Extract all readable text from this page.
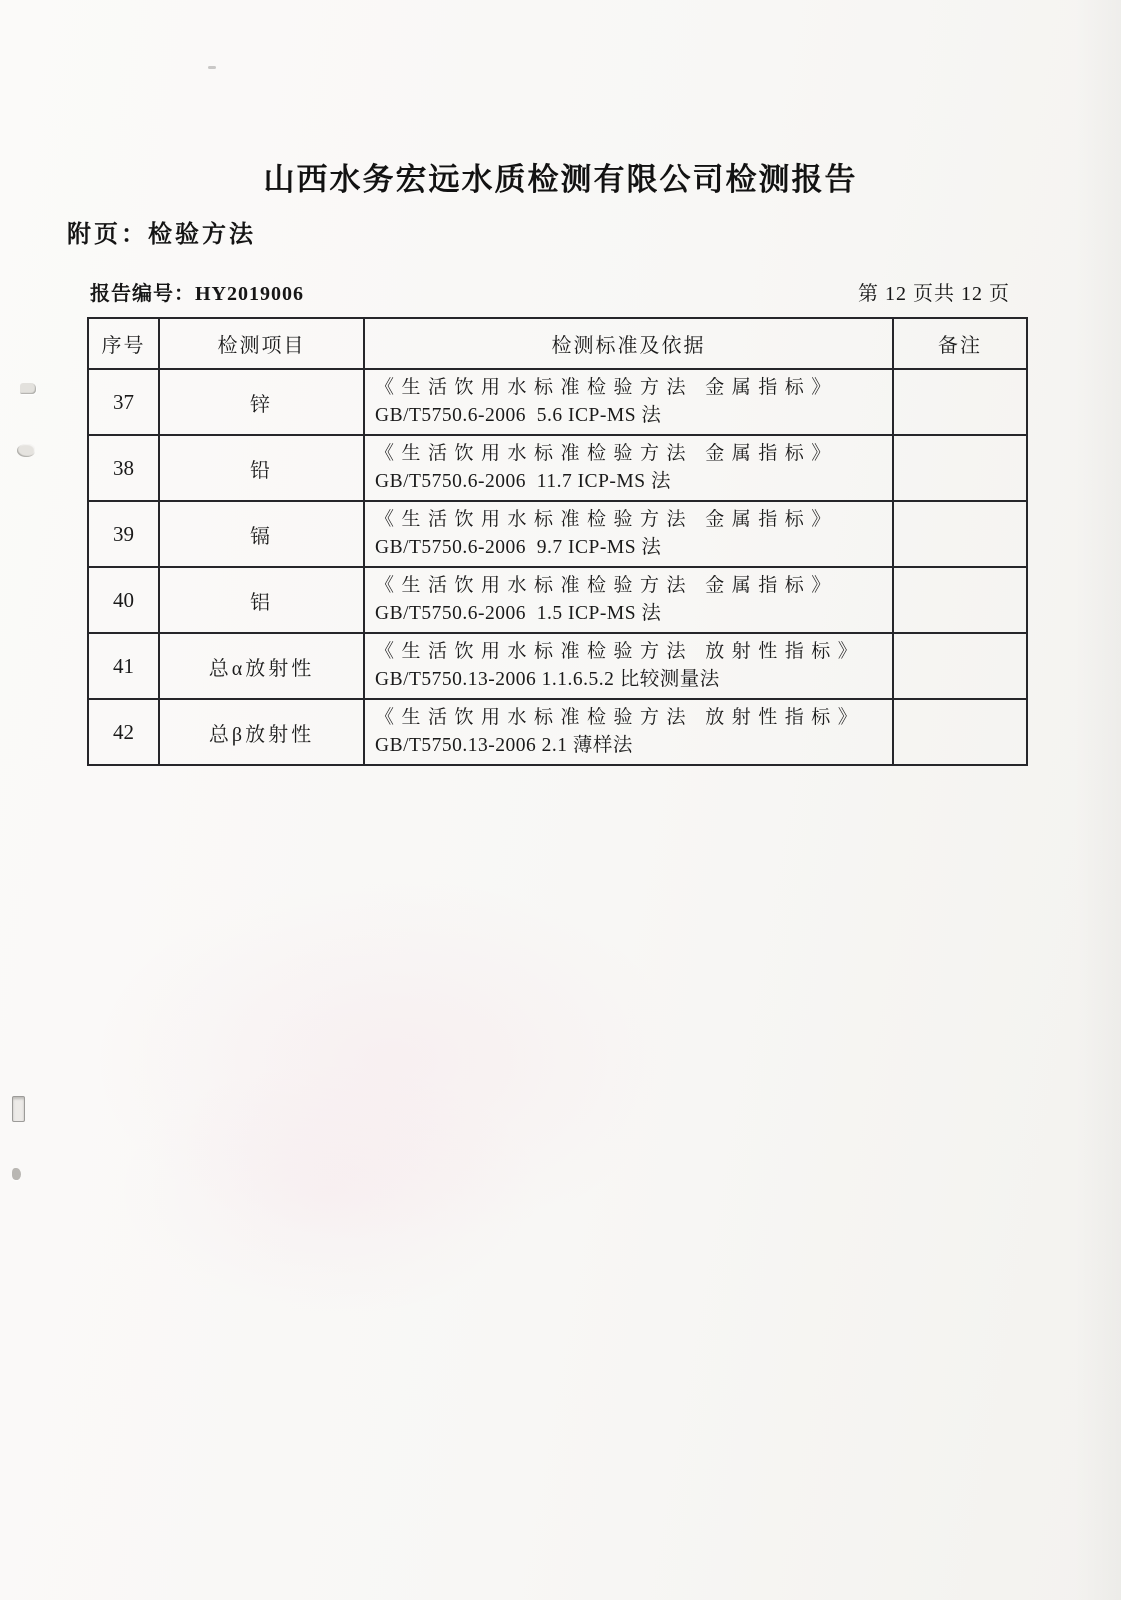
山西水务宏远水质检测有限公司检测报告
附页：检验方法
报告编号：HY2019006	第 12 页共 12 页
序号	检测项目	检测标准及依据	备注
37	锌	《生活饮用水标准检验方法 金属指标》
GB/T5750.6-2006  5.6 ICP-MS 法	

38	铅	《生活饮用水标准检验方法 金属指标》
GB/T5750.6-2006  11.7 ICP-MS 法	

39	镉	《生活饮用水标准检验方法 金属指标》
GB/T5750.6-2006  9.7 ICP-MS 法	

40	铝	《生活饮用水标准检验方法 金属指标》
GB/T5750.6-2006  1.5 ICP-MS 法	

41	总α放射性	《生活饮用水标准检验方法 放射性指标》
GB/T5750.13-2006 1.1.6.5.2 比较测量法	

42	总β放射性	《生活饮用水标准检验方法 放射性指标》
GB/T5750.13-2006 2.1 薄样法	
